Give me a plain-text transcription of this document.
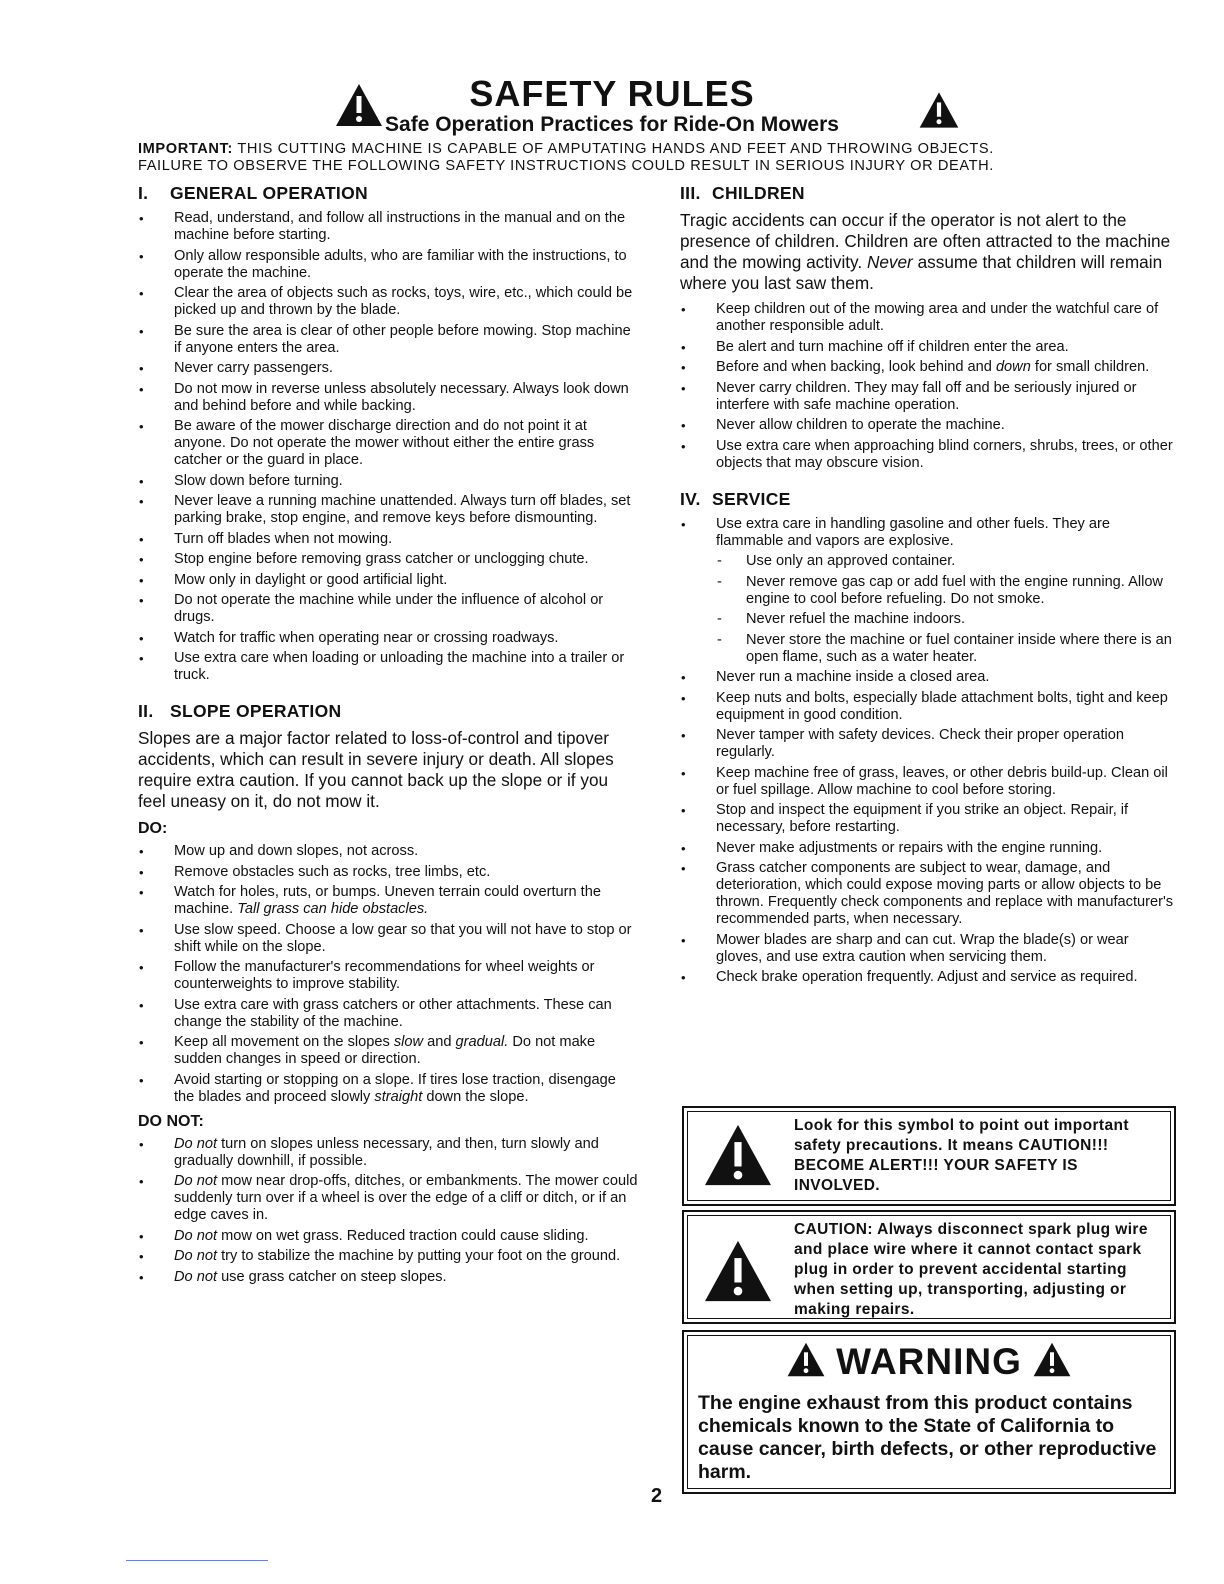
SAFETY RULES
Safe Operation Practices for Ride-On Mowers
IMPORTANT: THIS CUTTING MACHINE IS CAPABLE OF AMPUTATING HANDS AND FEET AND THROWING OBJECTS.
FAILURE TO OBSERVE THE FOLLOWING SAFETY INSTRUCTIONS COULD RESULT IN SERIOUS INJURY OR DEATH.
I. GENERAL OPERATION
• Read, understand, and follow all instructions in the manual and on the machine before starting.
• Only allow responsible adults, who are familiar with the instructions, to operate the machine.
• Clear the area of objects such as rocks, toys, wire, etc., which could be picked up and thrown by the blade.
• Be sure the area is clear of other people before mowing. Stop machine if anyone enters the area.
• Never carry passengers.
• Do not mow in reverse unless absolutely necessary. Always look down and behind before and while backing.
• Be aware of the mower discharge direction and do not point it at anyone. Do not operate the mower without either the entire grass catcher or the guard in place.
• Slow down before turning.
• Never leave a running machine unattended. Always turn off blades, set parking brake, stop engine, and remove keys before dismounting.
• Turn off blades when not mowing.
• Stop engine before removing grass catcher or unclogging chute.
• Mow only in daylight or good artificial light.
• Do not operate the machine while under the influence of alcohol or drugs.
• Watch for traffic when operating near or crossing roadways.
• Use extra care when loading or unloading the machine into a trailer or truck.
II. SLOPE OPERATION

Slopes are a major factor related to loss-of-control and tipover accidents, which can result in severe injury or death. All slopes require extra caution. If you cannot back up the slope or if you feel uneasy on it, do not mow it.

DO:
• Mow up and down slopes, not across.
• Remove obstacles such as rocks, tree limbs, etc.
• Watch for holes, ruts, or bumps. Uneven terrain could overturn the machine. Tall grass can hide obstacles.
• Use slow speed. Choose a low gear so that you will not have to stop or shift while on the slope.
• Follow the manufacturer's recommendations for wheel weights or counterweights to improve stability.
• Use extra care with grass catchers or other attachments. These can change the stability of the machine.
• Keep all movement on the slopes slow and gradual. Do not make sudden changes in speed or direction.
• Avoid starting or stopping on a slope. If tires lose traction, disengage the blades and proceed slowly straight down the slope.
DO NOT:
• Do not turn on slopes unless necessary, and then, turn slowly and gradually downhill, if possible.
• Do not mow near drop-offs, ditches, or embankments. The mower could suddenly turn over if a wheel is over the edge of a cliff or ditch, or if an edge caves in.
• Do not mow on wet grass. Reduced traction could cause sliding.
• Do not try to stabilize the machine by putting your foot on the ground.
• Do not use grass catcher on steep slopes.
III. CHILDREN

Tragic accidents can occur if the operator is not alert to the presence of children. Children are often attracted to the machine and the mowing activity. Never assume that children will remain where you last saw them.

• Keep children out of the mowing area and under the watchful care of another responsible adult.
• Be alert and turn machine off if children enter the area.
• Before and when backing, look behind and down for small children.
• Never carry children. They may fall off and be seriously injured or interfere with safe machine operation.
• Never allow children to operate the machine.
• Use extra care when approaching blind corners, shrubs, trees, or other objects that may obscure vision.
IV. SERVICE
• Use extra care in handling gasoline and other fuels. They are flammable and vapors are explosive.
- Use only an approved container.
- Never remove gas cap or add fuel with the engine running. Allow engine to cool before refueling. Do not smoke.
- Never refuel the machine indoors.
- Never store the machine or fuel container inside where there is an open flame, such as a water heater.
• Never run a machine inside a closed area.
• Keep nuts and bolts, especially blade attachment bolts, tight and keep equipment in good condition.
• Never tamper with safety devices. Check their proper operation regularly.
• Keep machine free of grass, leaves, or other debris build-up. Clean oil or fuel spillage. Allow machine to cool before storing.
• Stop and inspect the equipment if you strike an object. Repair, if necessary, before restarting.
• Never make adjustments or repairs with the engine running.
• Grass catcher components are subject to wear, damage, and deterioration, which could expose moving parts or allow objects to be thrown. Frequently check components and replace with manufacturer's recommended parts, when necessary.
• Mower blades are sharp and can cut. Wrap the blade(s) or wear gloves, and use extra caution when servicing them.
• Check brake operation frequently. Adjust and service as required.
Look for this symbol to point out important safety precautions. It means CAUTION!!! BECOME ALERT!!! YOUR SAFETY IS INVOLVED.
CAUTION: Always disconnect spark plug wire and place wire where it cannot contact spark plug in order to prevent accidental starting when setting up, transporting, adjusting or making repairs.
WARNING
The engine exhaust from this product contains chemicals known to the State of California to cause cancer, birth defects, or other reproductive harm.
2
